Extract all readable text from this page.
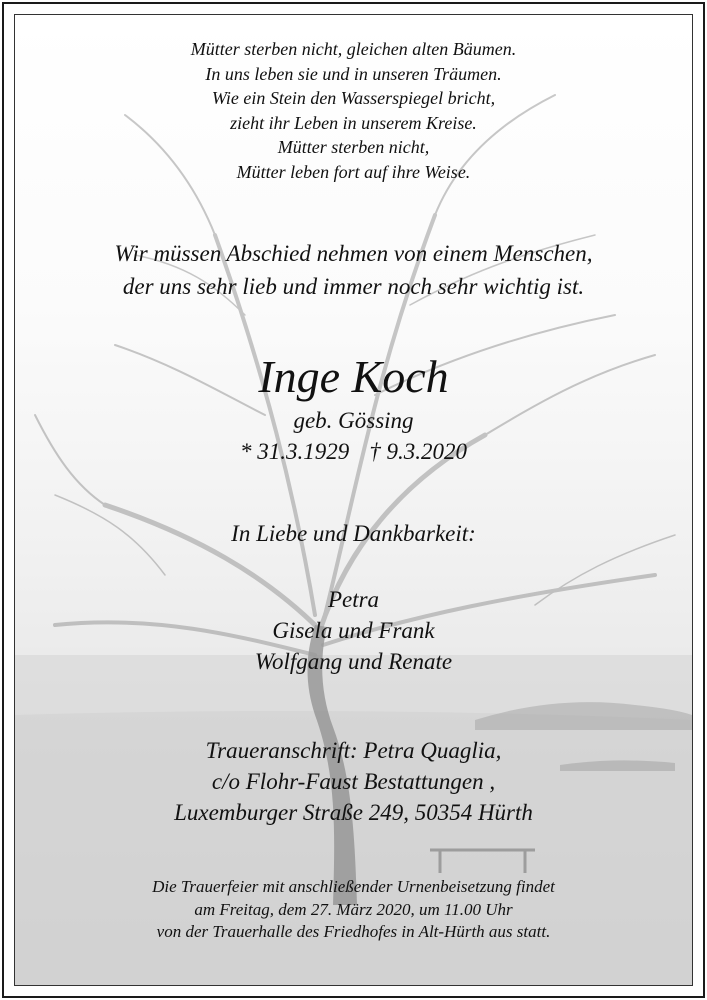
Mütter sterben nicht, gleichen alten Bäumen.

In uns leben sie und in unseren Träumen.

Wie ein Stein den Wasserspiegel bricht,

zieht ihr Leben in unserem Kreise.

Mütter sterben nicht,

Mütter leben fort auf ihre Weise.

Wir müssen Abschied nehmen von einem Menschen,

der uns sehr lieb und immer noch sehr wichtig ist.

Inge Koch

geb. Gössing

* 31.3.1929 † 9.3.2020

In Liebe und Dankbarkeit:

Petra

Gisela und Frank

Wolfgang und Renate

Traueranschrift: Petra Quaglia,

c/o Flohr-Faust Bestattungen ,

Luxemburger Straße 249, 50354 Hürth

Die Trauerfeier mit anschließender Urnenbeisetzung findet

am Freitag, dem 27. März 2020, um 11.00 Uhr

von der Trauerhalle des Friedhofes in Alt-Hürth aus statt.
